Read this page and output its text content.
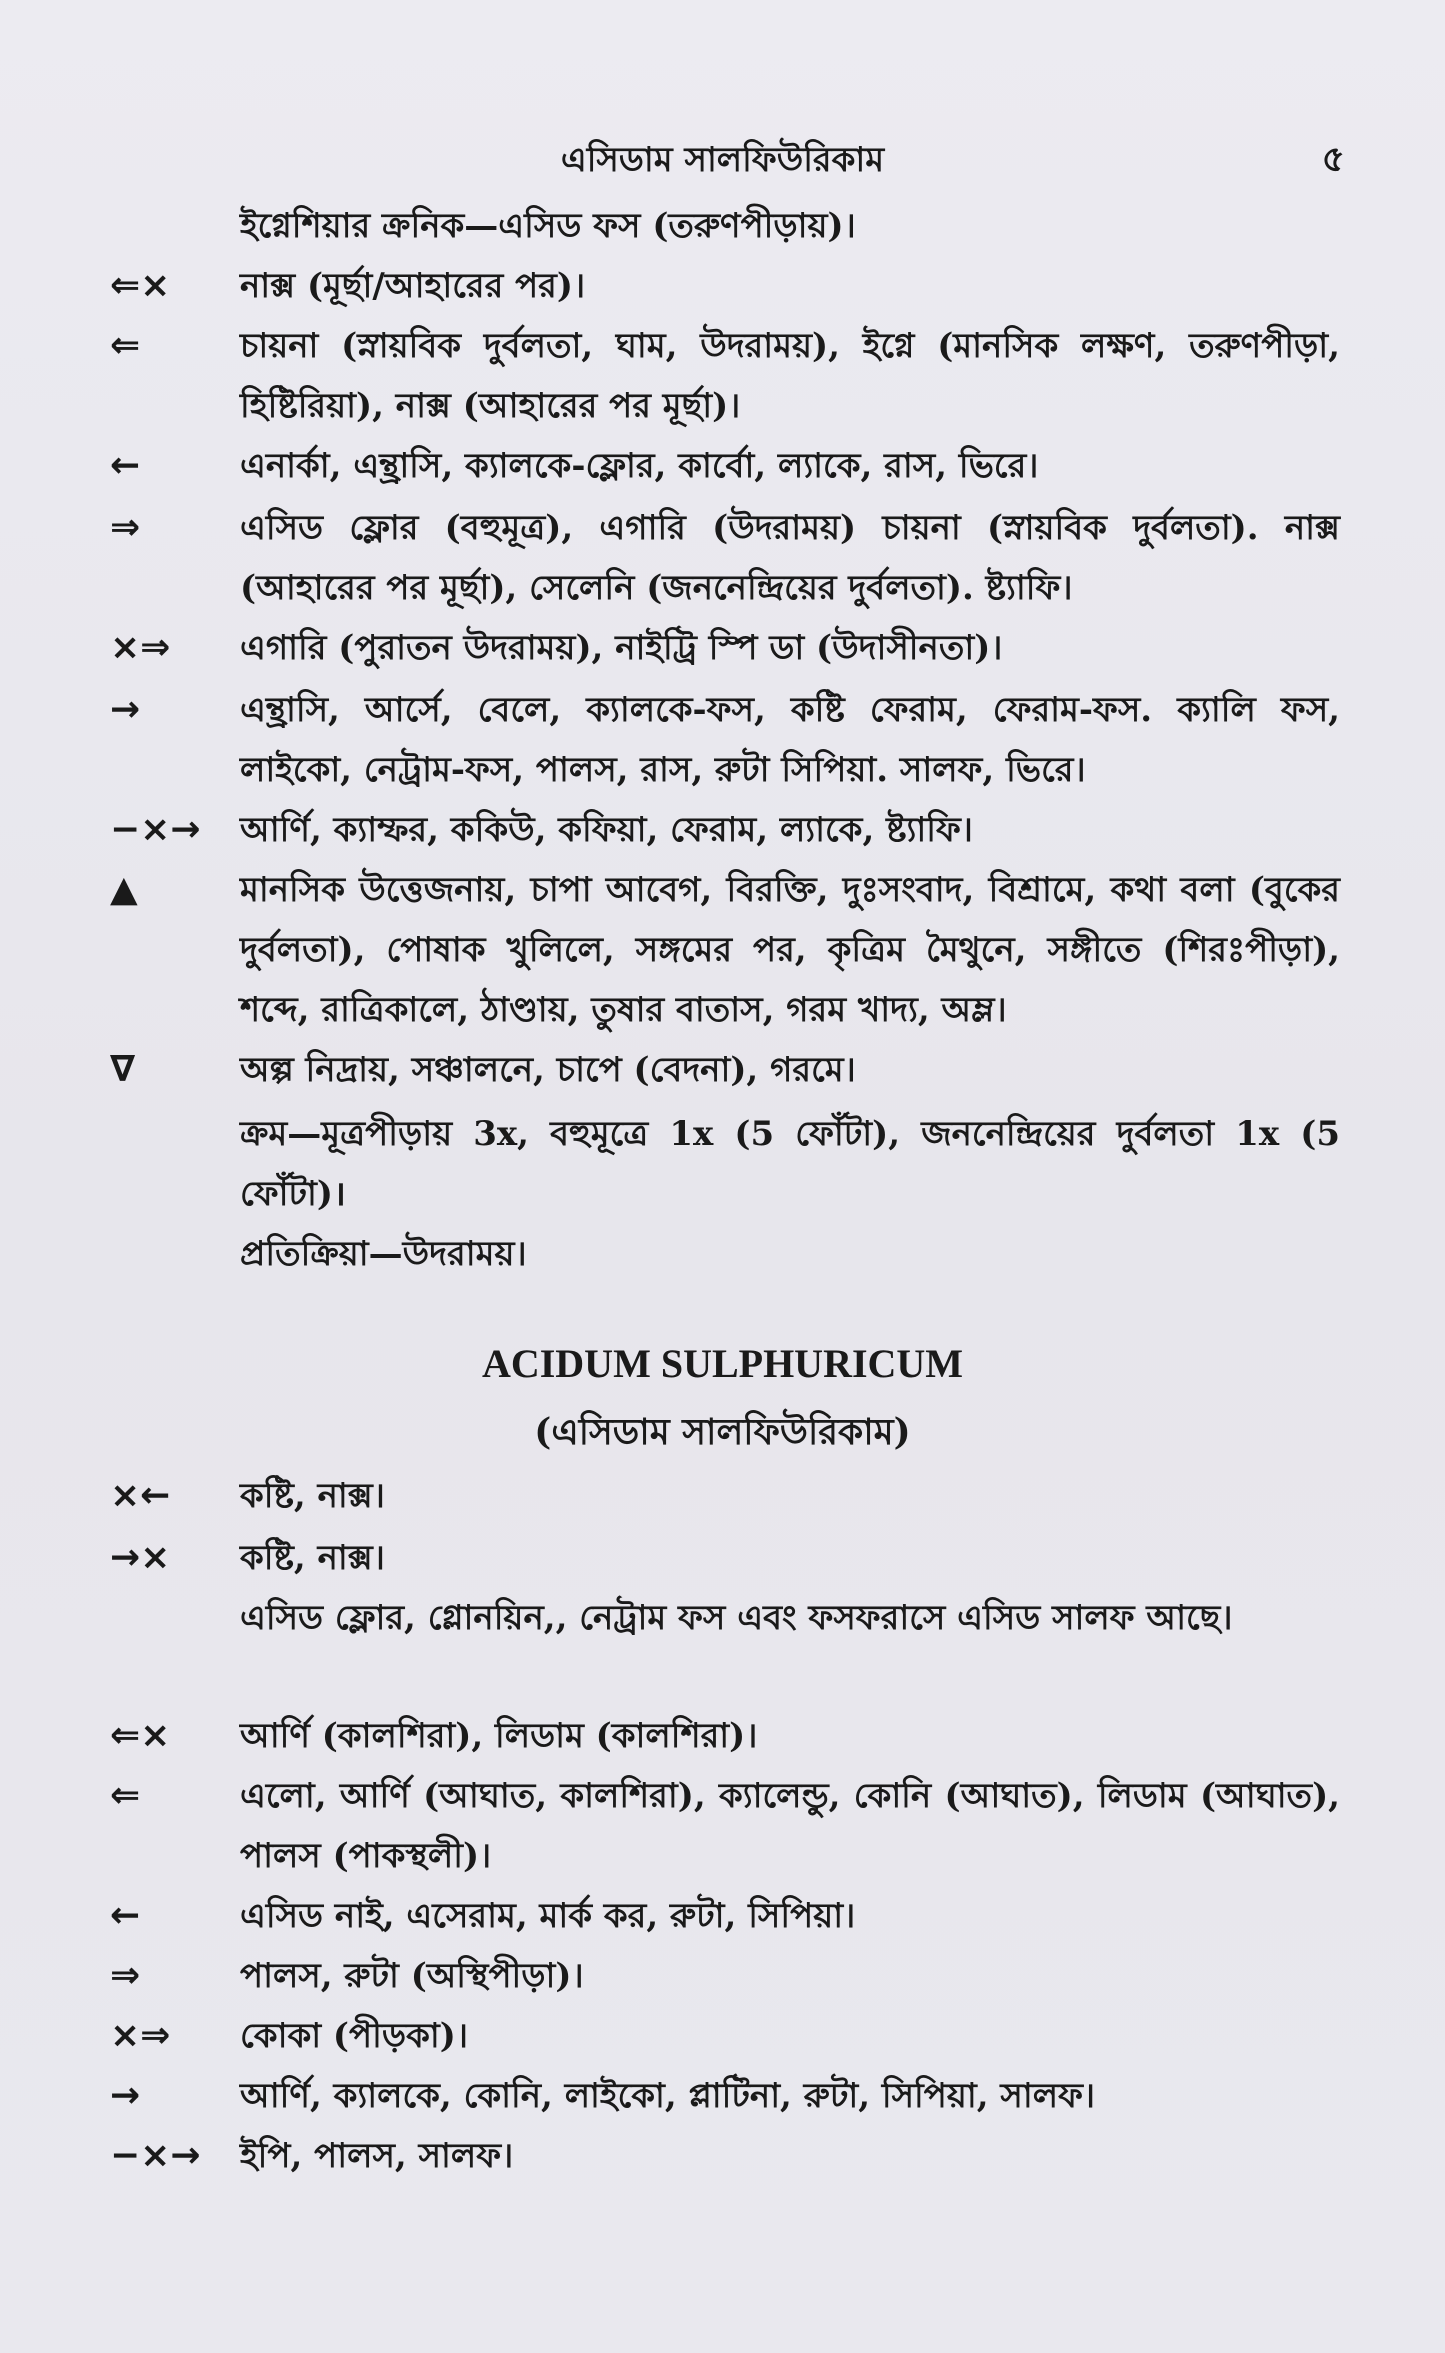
এসিডাম সালফিউরিকাম	৫
ইগ্নেশিয়ার ক্রনিক—এসিড ফস (তরুণপীড়ায়)।
⇐×	নাক্স (মূৰ্ছা/আহারের পর)।
⇐	চায়না (স্নায়বিক দুর্বলতা, ঘাম, উদরাময়), ইগ্নে (মানসিক লক্ষণ, তরুণপীড়া, হিষ্টিরিয়া), নাক্স (আহারের পর মূৰ্ছা)।
←	এনার্কা, এন্থ্রাসি, ক্যালকে-ফ্লোর, কার্বো, ল্যাকে, রাস, ভিরে।
⇒	এসিড ফ্লোর (বহুমূত্র), এগারি (উদরাময়) চায়না (স্নায়বিক দুর্বলতা). নাক্স (আহারের পর মূর্ছা), সেলেনি (জননেন্দ্রিয়ের দুর্বলতা). ষ্ট্যাফি।
×⇒	এগারি (পুরাতন উদরাময়), নাইট্রি স্পি ডা (উদাসীনতা)।
→	এন্থ্রাসি, আর্সে, বেলে, ক্যালকে-ফস, কষ্টি ফেরাম, ফেরাম-ফস. ক্যালি ফস, লাইকো, নেট্রাম-ফস, পালস, রাস, রুটা সিপিয়া. সালফ, ভিরে।
−×→	আর্ণি, ক্যাম্ফর, ককিউ, কফিয়া, ফেরাম, ল্যাকে, ষ্ট্যাফি।
▲	মানসিক উত্তেজনায়, চাপা আবেগ, বিরক্তি, দুঃসংবাদ, বিশ্রামে, কথা বলা (বুকের দুর্বলতা), পোষাক খুলিলে, সঙ্গমের পর, কৃত্রিম মৈথুনে, সঙ্গীতে (শিরঃপীড়া), শব্দে, রাত্রিকালে, ঠাণ্ডায়, তুষার বাতাস, গরম খাদ্য, অম্ল।
∇	অল্প নিদ্রায়, সঞ্চালনে, চাপে (বেদনা), গরমে।
ক্রম—মূত্রপীড়ায় 3x, বহুমূত্রে 1x (5 ফোঁটা), জননেন্দ্রিয়ের দুর্বলতা 1x (5 ফোঁটা)।
প্রতিক্রিয়া—উদরাময়।
ACIDUM SULPHURICUM
(এসিডাম সালফিউরিকাম)
×←	কষ্টি, নাক্স।
→×	কষ্টি, নাক্স।
এসিড ফ্লোর, গ্লোনয়িন,, নেট্রাম ফস এবং ফসফরাসে এসিড সালফ আছে।
⇐×	আর্ণি (কালশিরা), লিডাম (কালশিরা)।
⇐	এলো, আর্ণি (আঘাত, কালশিরা), ক্যালেন্ডু, কোনি (আঘাত), লিডাম (আঘাত), পালস (পাকস্থলী)।
←	এসিড নাই, এসেরাম, মার্ক কর, রুটা, সিপিয়া।
⇒	পালস, রুটা (অস্থিপীড়া)।
×⇒	কোকা (পীড়কা)।
→	আর্ণি, ক্যালকে, কোনি, লাইকো, প্লাটিনা, রুটা, সিপিয়া, সালফ।
−×→	ইপি, পালস, সালফ।
